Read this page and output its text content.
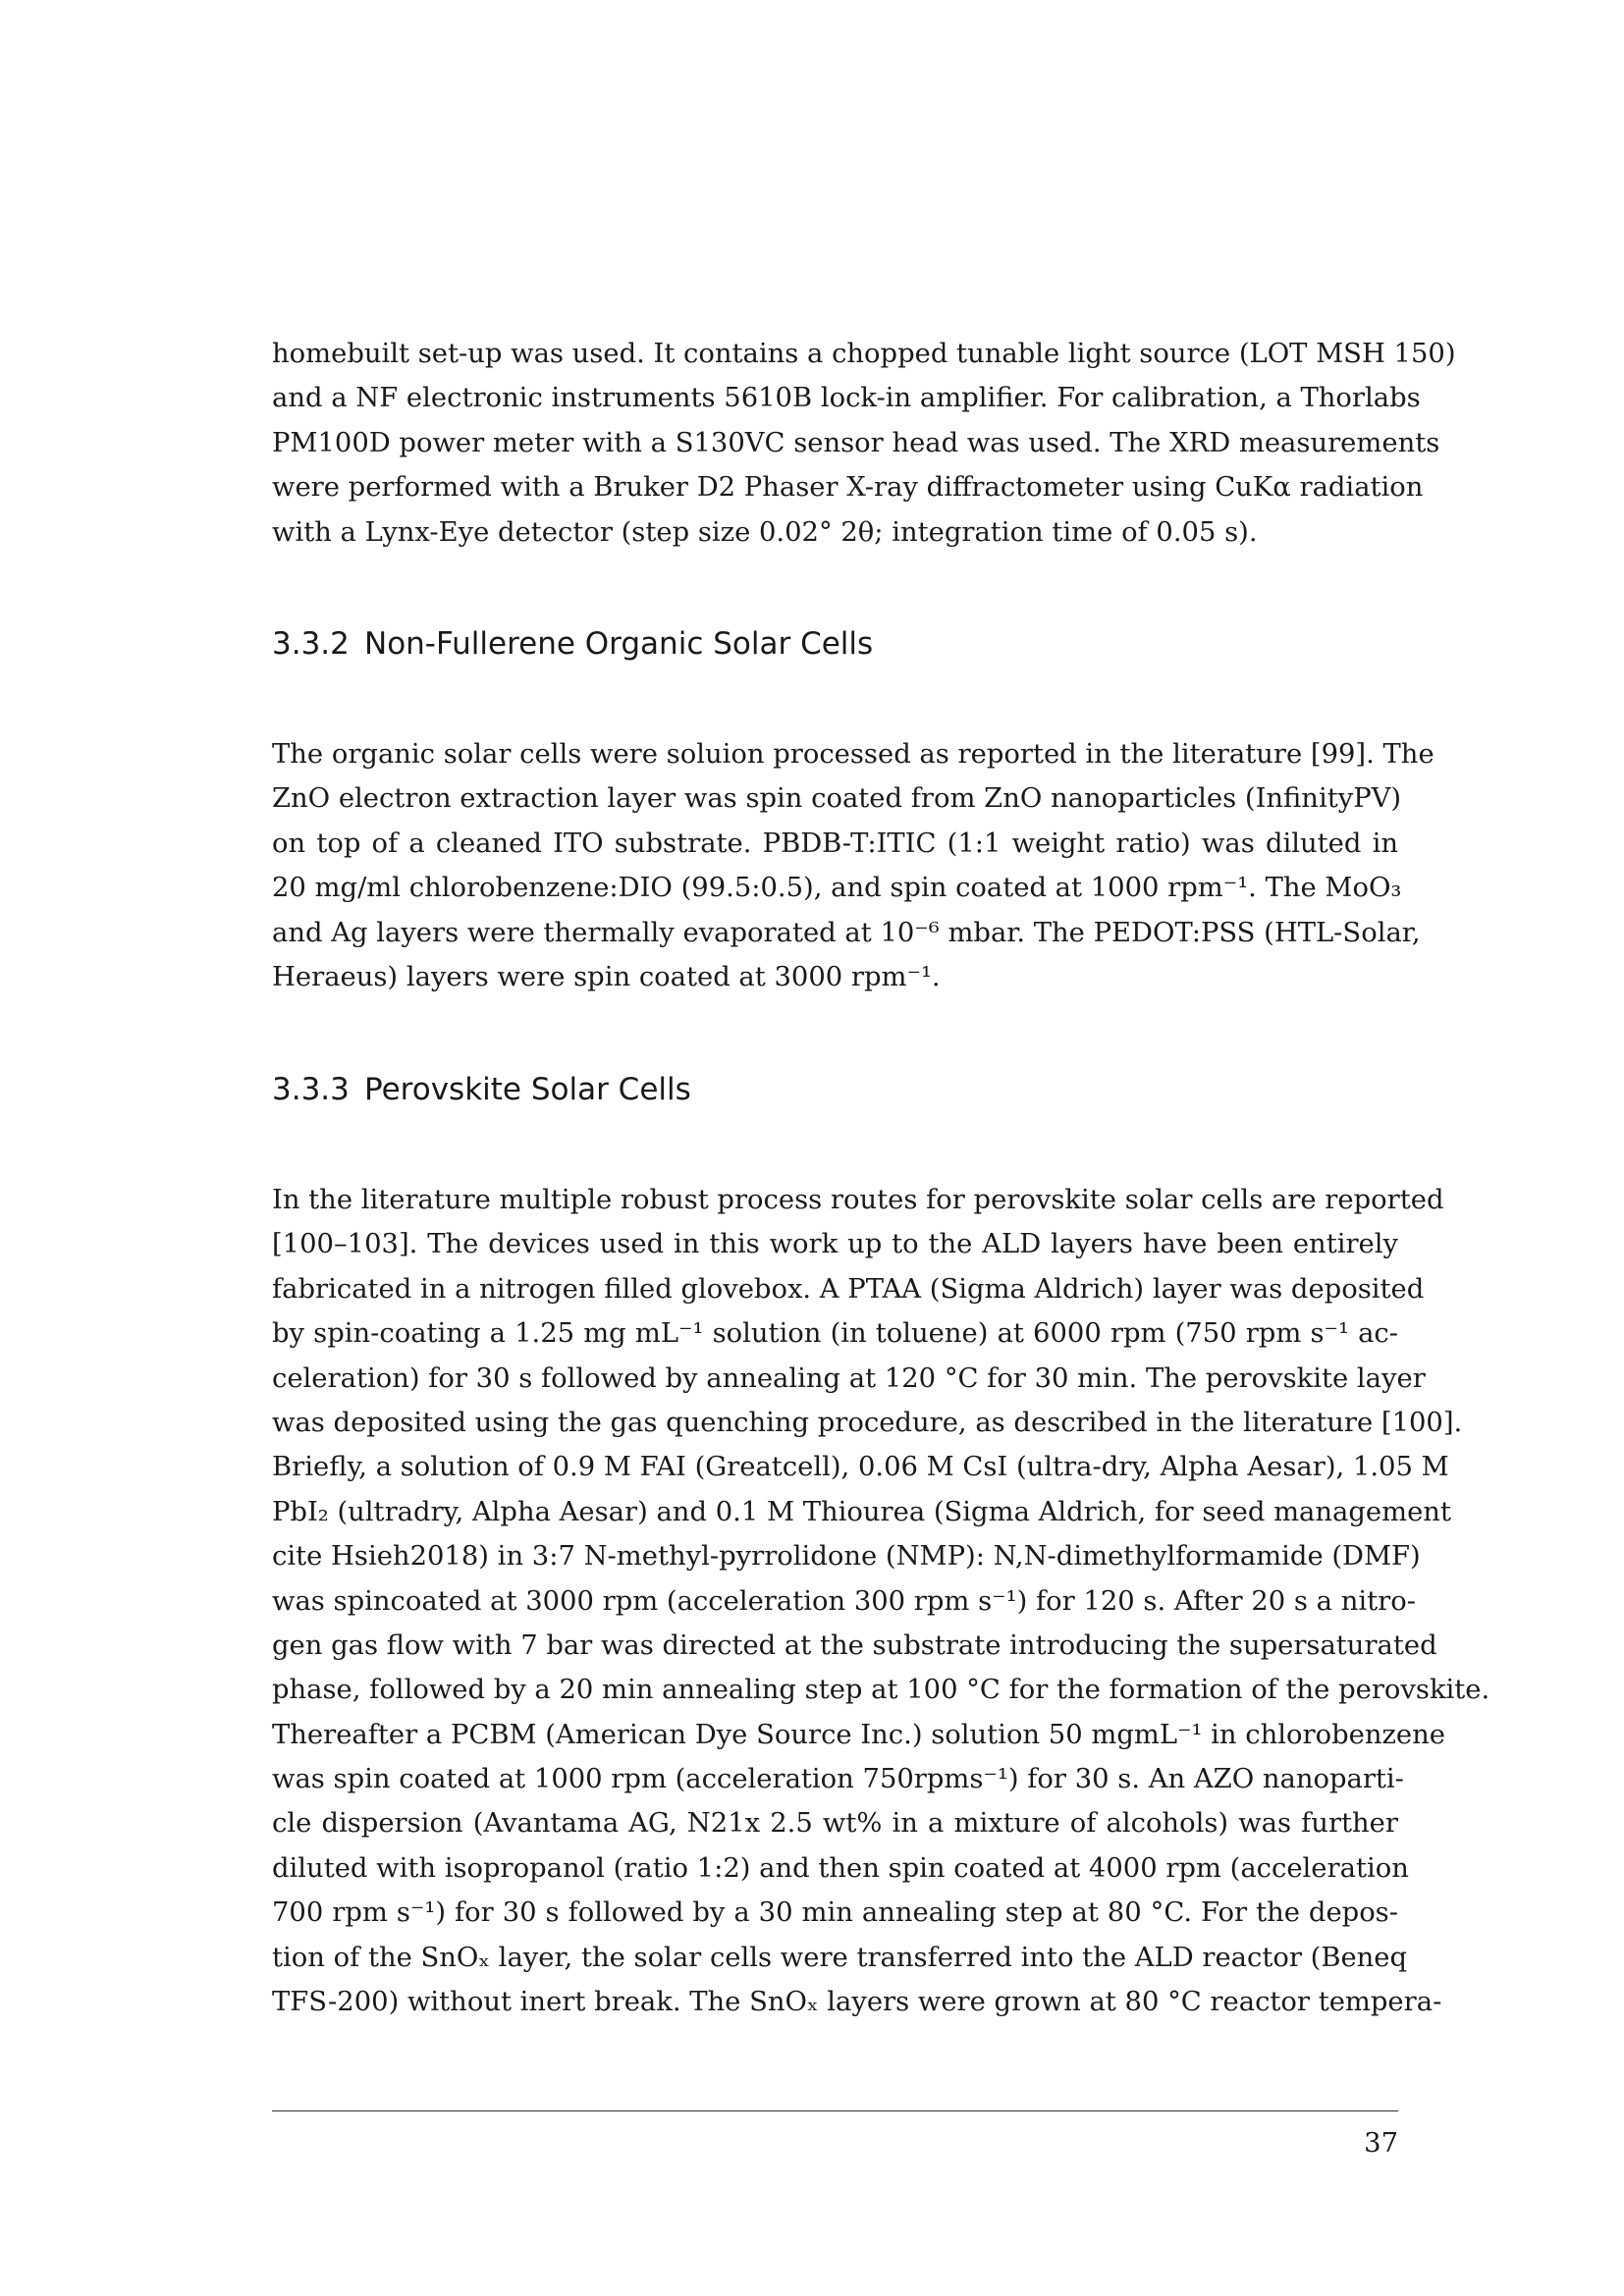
homebuilt set-up was used. It contains a chopped tunable light source (LOT MSH 150)
and a NF electronic instruments 5610B lock-in amplifier. For calibration, a Thorlabs
PM100D power meter with a S130VC sensor head was used. The XRD measurements
were performed with a Bruker D2 Phaser X-ray diffractometer using CuKα radiation
with a Lynx-Eye detector (step size 0.02° 2θ; integration time of 0.05 s).
3.3.2 Non-Fullerene Organic Solar Cells
The organic solar cells were soluion processed as reported in the literature [99]. The
ZnO electron extraction layer was spin coated from ZnO nanoparticles (InfinityPV)
on top of a cleaned ITO substrate. PBDB-T:ITIC (1:1 weight ratio) was diluted in
20 mg/ml chlorobenzene:DIO (99.5:0.5), and spin coated at 1000 rpm⁻¹. The MoO₃
and Ag layers were thermally evaporated at 10⁻⁶ mbar. The PEDOT:PSS (HTL-Solar,
Heraeus) layers were spin coated at 3000 rpm⁻¹.
3.3.3 Perovskite Solar Cells
In the literature multiple robust process routes for perovskite solar cells are reported
[100–103]. The devices used in this work up to the ALD layers have been entirely
fabricated in a nitrogen filled glovebox. A PTAA (Sigma Aldrich) layer was deposited
by spin-coating a 1.25 mg mL⁻¹ solution (in toluene) at 6000 rpm (750 rpm s⁻¹ ac-
celeration) for 30 s followed by annealing at 120 °C for 30 min. The perovskite layer
was deposited using the gas quenching procedure, as described in the literature [100].
Briefly, a solution of 0.9 M FAI (Greatcell), 0.06 M CsI (ultra-dry, Alpha Aesar), 1.05 M
PbI₂ (ultradry, Alpha Aesar) and 0.1 M Thiourea (Sigma Aldrich, for seed management
cite Hsieh2018) in 3:7 N-methyl-pyrrolidone (NMP): N,N-dimethylformamide (DMF)
was spincoated at 3000 rpm (acceleration 300 rpm s⁻¹) for 120 s. After 20 s a nitro-
gen gas flow with 7 bar was directed at the substrate introducing the supersaturated
phase, followed by a 20 min annealing step at 100 °C for the formation of the perovskite.
Thereafter a PCBM (American Dye Source Inc.) solution 50 mgmL⁻¹ in chlorobenzene
was spin coated at 1000 rpm (acceleration 750rpms⁻¹) for 30 s. An AZO nanoparti-
cle dispersion (Avantama AG, N21x 2.5 wt% in a mixture of alcohols) was further
diluted with isopropanol (ratio 1:2) and then spin coated at 4000 rpm (acceleration
700 rpm s⁻¹) for 30 s followed by a 30 min annealing step at 80 °C. For the depos-
tion of the SnOₓ layer, the solar cells were transferred into the ALD reactor (Beneq
TFS-200) without inert break. The SnOₓ layers were grown at 80 °C reactor tempera-
37
